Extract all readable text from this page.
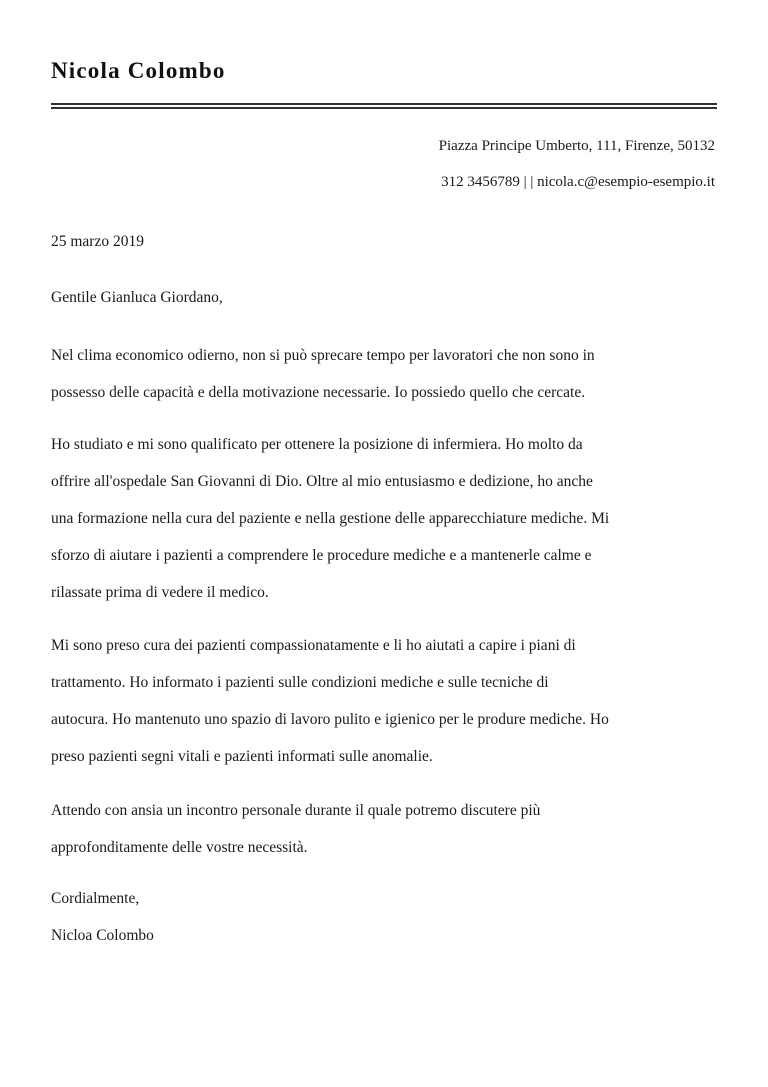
Nicola Colombo
Piazza Principe Umberto, 111, Firenze, 50132
312 3456789 | | nicola.c@esempio-esempio.it
25 marzo 2019
Gentile Gianluca Giordano,
Nel clima economico odierno, non si può sprecare tempo per lavoratori che non sono in
possesso delle capacità e della motivazione necessarie. Io possiedo quello che cercate.
Ho studiato e mi sono qualificato per ottenere la posizione di infermiera. Ho molto da
offrire all'ospedale San Giovanni di Dio. Oltre al mio entusiasmo e dedizione, ho anche
una formazione nella cura del paziente e nella gestione delle apparecchiature mediche. Mi
sforzo di aiutare i pazienti a comprendere le procedure mediche e a mantenerle calme e
rilassate prima di vedere il medico.
Mi sono preso cura dei pazienti compassionatamente e li ho aiutati a capire i piani di
trattamento. Ho informato i pazienti sulle condizioni mediche e sulle tecniche di
autocura. Ho mantenuto uno spazio di lavoro pulito e igienico per le produre mediche. Ho
preso pazienti segni vitali e pazienti informati sulle anomalie.
Attendo con ansia un incontro personale durante il quale potremo discutere più
approfonditamente delle vostre necessità.
Cordialmente,
Nicloa Colombo
